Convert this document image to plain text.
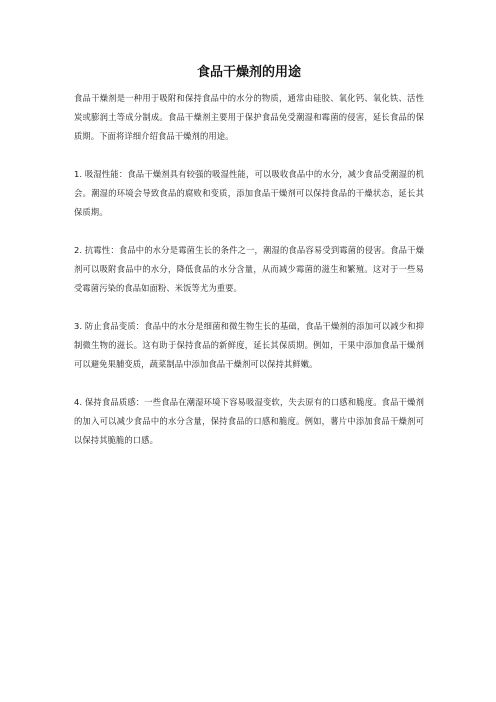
食品干燥剂的用途

食品干燥剂是一种用于吸附和保持食品中的水分的物质，通常由硅胶、氧化钙、氧化铁、活性炭或膨润土等成分制成。食品干燥剂主要用于保护食品免受潮湿和霉菌的侵害，延长食品的保质期。下面将详细介绍食品干燥剂的用途。

1. 吸湿性能：食品干燥剂具有较强的吸湿性能，可以吸收食品中的水分，减少食品受潮湿的机会。潮湿的环境会导致食品的腐败和变质，添加食品干燥剂可以保持食品的干燥状态，延长其保质期。

2. 抗霉性：食品中的水分是霉菌生长的条件之一，潮湿的食品容易受到霉菌的侵害。食品干燥剂可以吸附食品中的水分，降低食品的水分含量，从而减少霉菌的滋生和繁殖。这对于一些易受霉菌污染的食品如面粉、米饭等尤为重要。

3. 防止食品变质：食品中的水分是细菌和微生物生长的基础，食品干燥剂的添加可以减少和抑制微生物的滋长。这有助于保持食品的新鲜度，延长其保质期。例如，干果中添加食品干燥剂可以避免果脯变质，蔬菜制品中添加食品干燥剂可以保持其鲜嫩。

4. 保持食品质感：一些食品在潮湿环境下容易吸湿变软，失去原有的口感和脆度。食品干燥剂的加入可以减少食品中的水分含量，保持食品的口感和脆度。例如，薯片中添加食品干燥剂可以保持其脆脆的口感。
